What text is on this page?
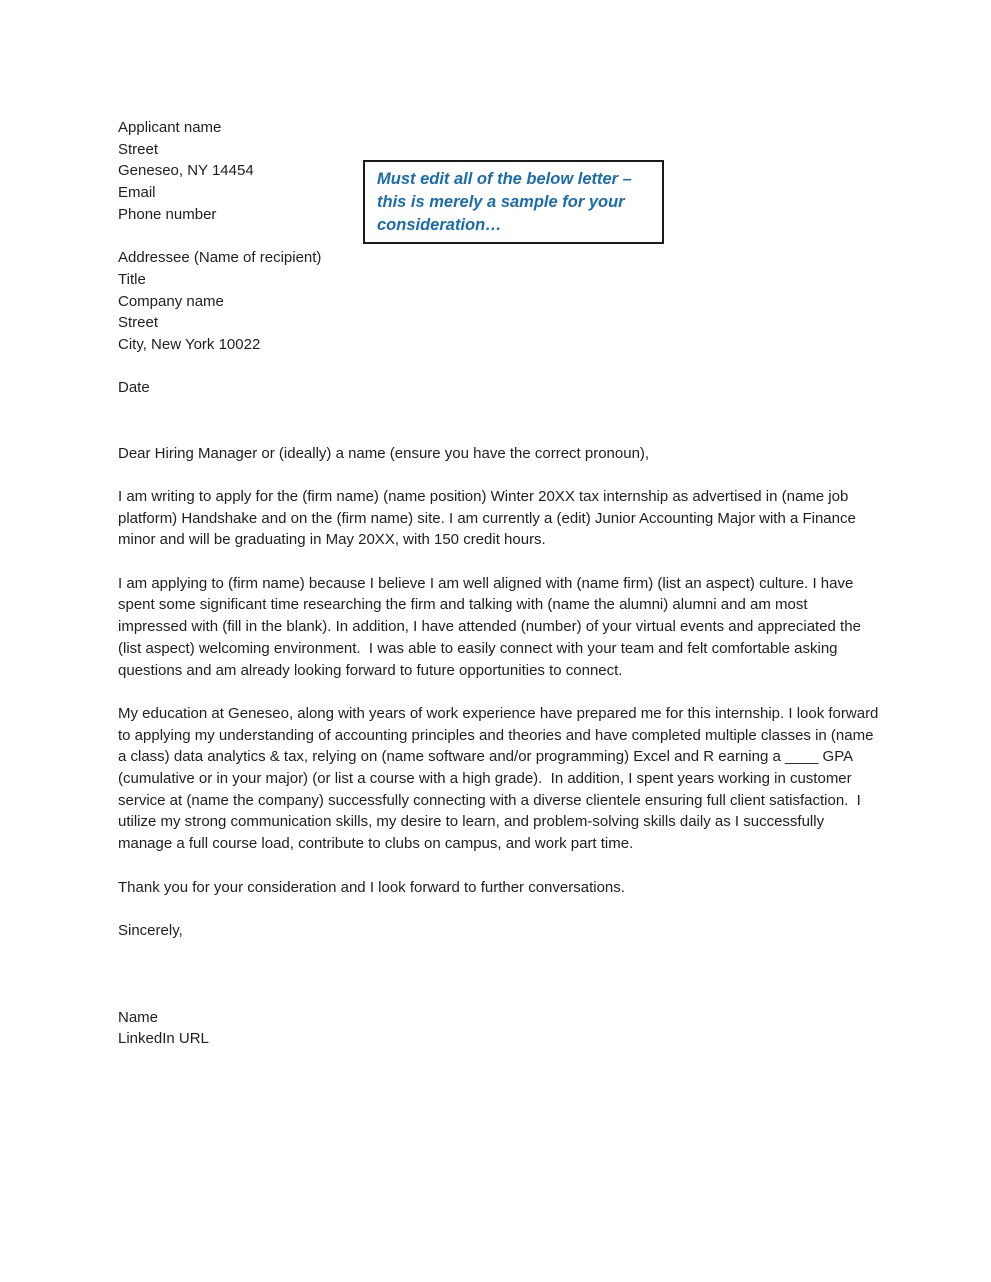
Must edit all of the below letter –
this is merely a sample for your
consideration…
Applicant name
Street
Geneseo, NY 14454
Email
Phone number
Addressee (Name of recipient)
Title
Company name
Street
City, New York 10022
Date
Dear Hiring Manager or (ideally) a name (ensure you have the correct pronoun),

I am writing to apply for the (firm name) (name position) Winter 20XX tax internship as advertised in (name job platform) Handshake and on the (firm name) site. I am currently a (edit) Junior Accounting Major with a Finance minor and will be graduating in May 20XX, with 150 credit hours.

I am applying to (firm name) because I believe I am well aligned with (name firm) (list an aspect) culture. I have spent some significant time researching the firm and talking with (name the alumni) alumni and am most impressed with (fill in the blank). In addition, I have attended (number) of your virtual events and appreciated the (list aspect) welcoming environment.  I was able to easily connect with your team and felt comfortable asking questions and am already looking forward to future opportunities to connect.

My education at Geneseo, along with years of work experience have prepared me for this internship. I look forward to applying my understanding of accounting principles and theories and have completed multiple classes in (name a class) data analytics & tax, relying on (name software and/or programming) Excel and R earning a ____ GPA (cumulative or in your major) (or list a course with a high grade).  In addition, I spent years working in customer service at (name the company) successfully connecting with a diverse clientele ensuring full client satisfaction.  I utilize my strong communication skills, my desire to learn, and problem-solving skills daily as I successfully manage a full course load, contribute to clubs on campus, and work part time.

Thank you for your consideration and I look forward to further conversations.

Sincerely,
Name
LinkedIn URL
